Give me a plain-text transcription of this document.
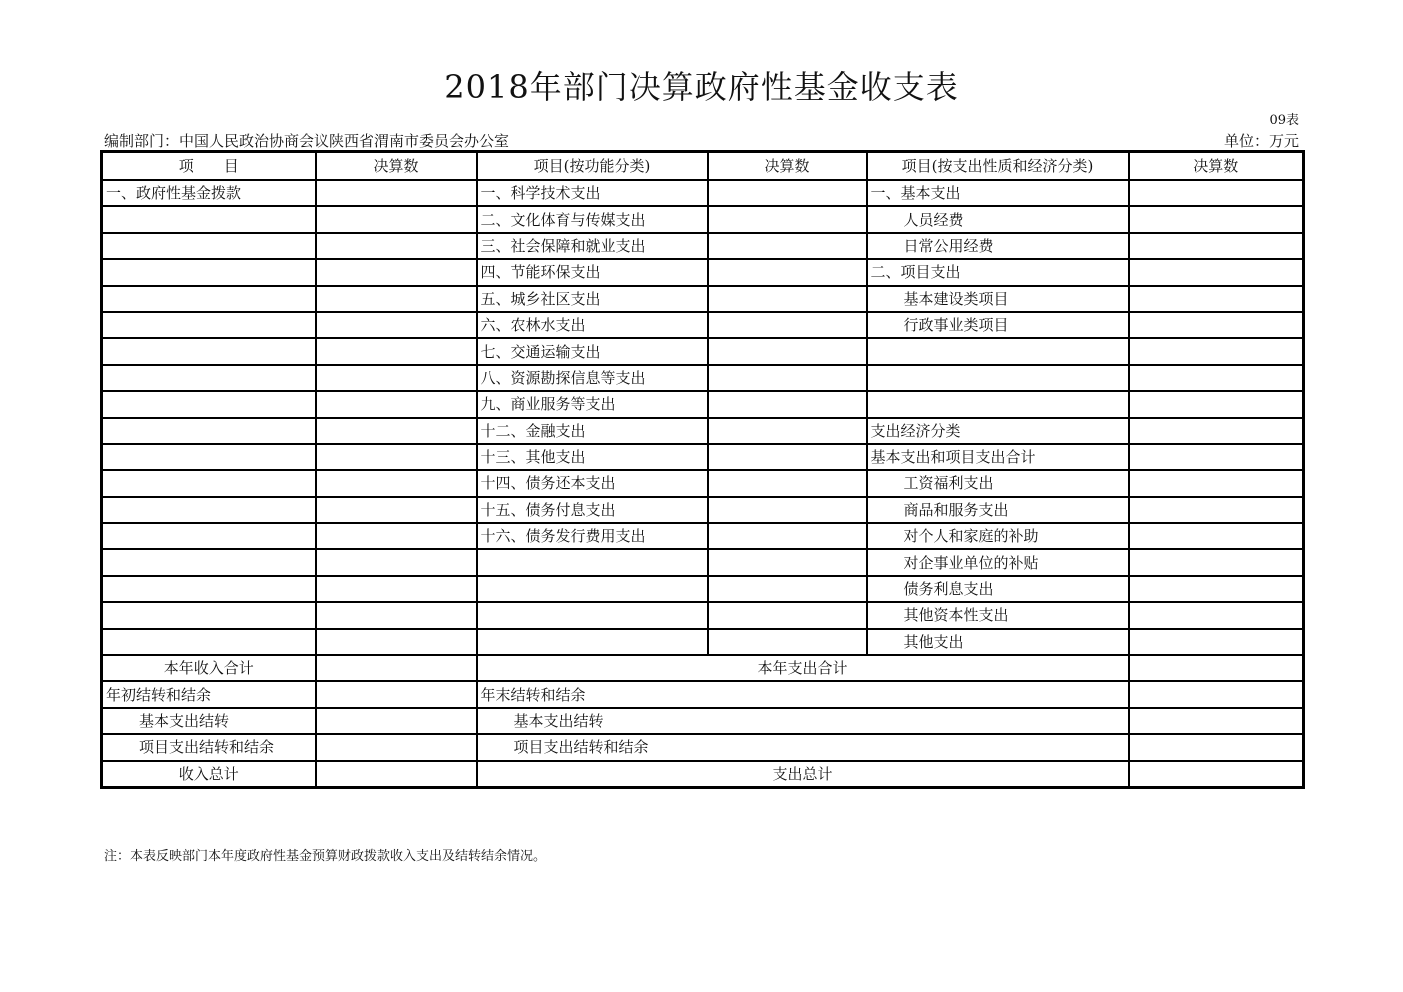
2018年部门决算政府性基金收支表
09表
编制部门：中国人民政治协商会议陕西省渭南市委员会办公室	单位：万元
项　　目	决算数	项目(按功能分类)	决算数	项目(按支出性质和经济分类)	决算数
一、政府性基金拨款		一、科学技术支出		一、基本支出	
		二、文化体育与传媒支出		人员经费	
		三、社会保障和就业支出		日常公用经费	
		四、节能环保支出		二、项目支出	
		五、城乡社区支出		基本建设类项目	
		六、农林水支出		行政事业类项目	
		七、交通运输支出			
		八、资源勘探信息等支出			
		九、商业服务等支出			
		十二、金融支出		支出经济分类	
		十三、其他支出		基本支出和项目支出合计	
		十四、债务还本支出		工资福利支出	
		十五、债务付息支出		商品和服务支出	
		十六、债务发行费用支出		对个人和家庭的补助	
				对企事业单位的补贴	
				债务利息支出	
				其他资本性支出	
				其他支出	
本年收入合计		本年支出合计			
年初结转和结余		年末结转和结余			
基本支出结转		基本支出结转			
项目支出结转和结余		项目支出结转和结余			
收入总计		支出总计			
注：本表反映部门本年度政府性基金预算财政拨款收入支出及结转结余情况。
